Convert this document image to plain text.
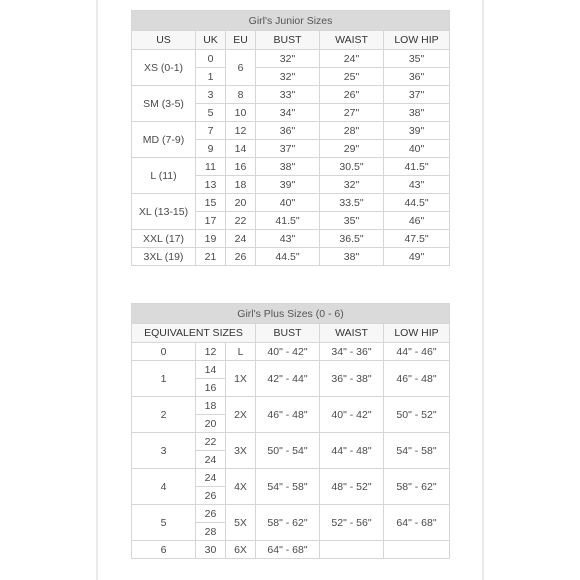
Girl's Junior Sizes					
US	UK	EU	BUST	WAIST	LOW HIP
XS (0-1)	0	6	32"	24"	35"
	1		32"	25"	36"
SM (3-5)	3	8	33"	26"	37"
	5	10	34"	27"	38"
MD (7-9)	7	12	36"	28"	39"
	9	14	37"	29"	40"
L (11)	11	16	38"	30.5"	41.5"
	13	18	39"	32"	43"
XL (13-15)	15	20	40"	33.5"	44.5"
	17	22	41.5"	35"	46"
XXL (17)	19	24	43"	36.5"	47.5"
3XL (19)	21	26	44.5"	38"	49"
Girl's Plus Sizes (0 - 6)					
EQUIVALENT SIZES			BUST	WAIST	LOW HIP
0	12	L	40" - 42"	34" - 36"	44" - 46"
1	14	1X	42" - 44"	36" - 38"	46" - 48"
	16				
2	18	2X	46" - 48"	40" - 42"	50" - 52"
	20				
3	22	3X	50" - 54"	44" - 48"	54" - 58"
	24				
4	24	4X	54" - 58"	48" - 52"	58" - 62"
	26				
5	26	5X	58" - 62"	52" - 56"	64" - 68"
	28				
6	30	6X	64" - 68"		
